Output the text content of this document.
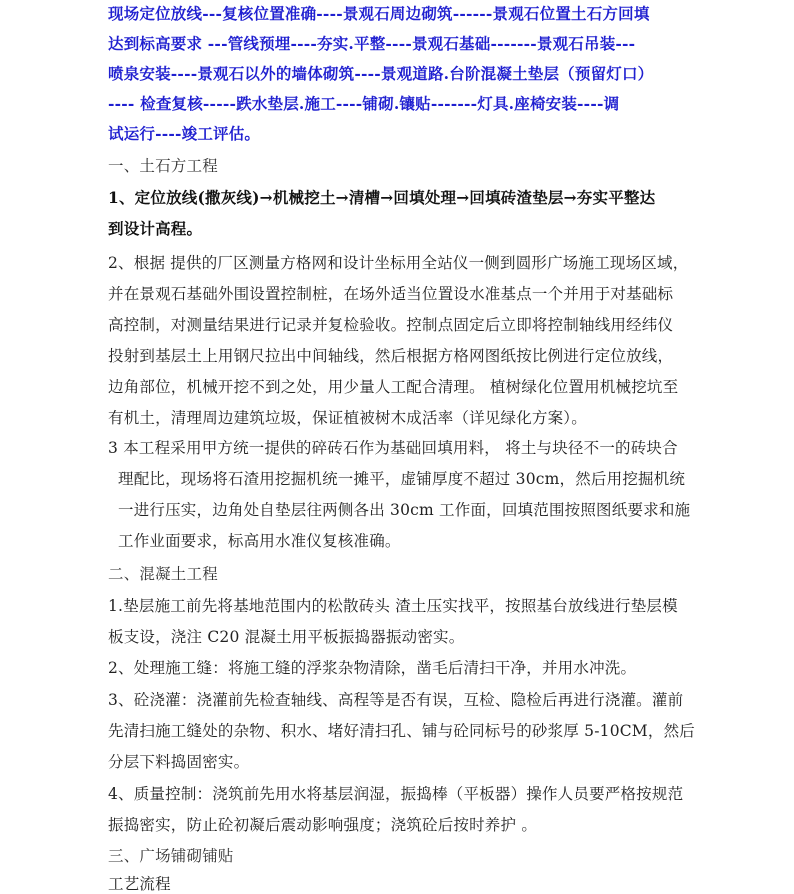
现场定位放线---复核位置准确----景观石周边砌筑------景观石位置土石方回填
达到标高要求 ---管线预埋----夯实.平整----景观石基础-------景观石吊装---
喷泉安装----景观石以外的墙体砌筑----景观道路.台阶混凝土垫层（预留灯口）
---- 检查复核-----跌水垫层.施工----铺砌.镶贴-------灯具.座椅安装----调
试运行----竣工评估。
一、土石方工程
1、定位放线(撒灰线)→机械挖土→清槽→回填处理→回填砖渣垫层→夯实平整达
到设计高程。
2、根据 提供的厂区测量方格网和设计坐标用全站仪一侧到圆形广场施工现场区域，
并在景观石基础外围设置控制桩，在场外适当位置设水准基点一个并用于对基础标
高控制，对测量结果进行记录并复检验收。控制点固定后立即将控制轴线用经纬仪
投射到基层土上用钢尺拉出中间轴线，然后根据方格网图纸按比例进行定位放线，
边角部位，机械开挖不到之处，用少量人工配合清理。 植树绿化位置用机械挖坑至
有机土，清理周边建筑垃圾，保证植被树木成活率（详见绿化方案）。
3 本工程采用甲方统一提供的碎砖石作为基础回填用料， 将土与块径不一的砖块合
理配比，现场将石渣用挖掘机统一摊平，虚铺厚度不超过 30cm，然后用挖掘机统
一进行压实，边角处自垫层往两侧各出 30cm 工作面，回填范围按照图纸要求和施
工作业面要求，标高用水准仪复核准确。
二、混凝土工程
1.垫层施工前先将基地范围内的松散砖头 渣土压实找平，按照基台放线进行垫层模
板支设，浇注 C20 混凝土用平板振捣器振动密实。
2、处理施工缝：将施工缝的浮浆杂物清除，凿毛后清扫干净，并用水冲洗。
3、砼浇灌：浇灌前先检查轴线、高程等是否有误，互检、隐检后再进行浇灌。灌前
先清扫施工缝处的杂物、积水、堵好清扫孔、铺与砼同标号的砂浆厚 5-10CM，然后
分层下料捣固密实。
4、质量控制：浇筑前先用水将基层润湿，振捣棒（平板器）操作人员要严格按规范
振捣密实，防止砼初凝后震动影响强度；浇筑砼后按时养护 。
三、广场铺砌铺贴
工艺流程
